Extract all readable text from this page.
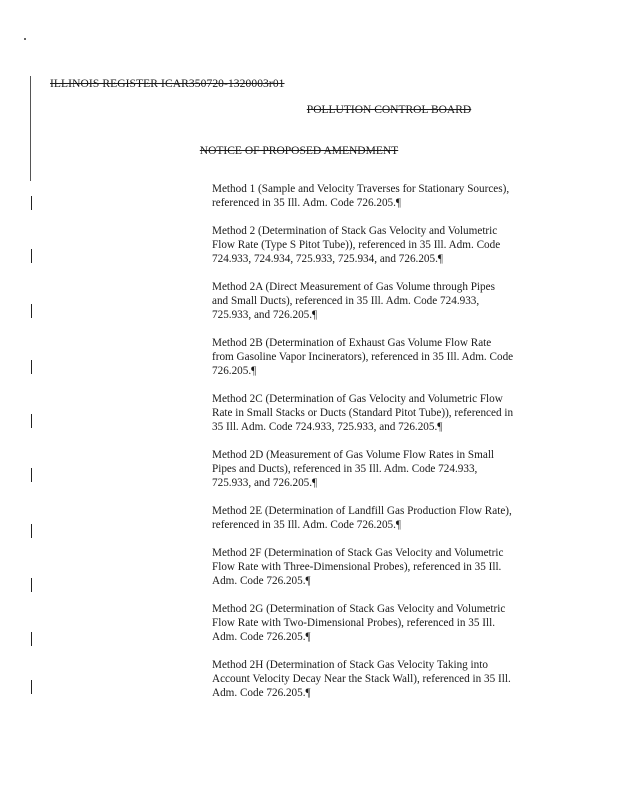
ILLINOIS REGISTER ICAR350720-1320003r01
POLLUTION CONTROL BOARD
NOTICE OF PROPOSED AMENDMENT

Method 1 (Sample and Velocity Traverses for Stationary Sources),
referenced in 35 Ill. Adm. Code 726.205.¶

Method 2 (Determination of Stack Gas Velocity and Volumetric
Flow Rate (Type S Pitot Tube)), referenced in 35 Ill. Adm. Code
724.933, 724.934, 725.933, 725.934, and 726.205.¶

Method 2A (Direct Measurement of Gas Volume through Pipes
and Small Ducts), referenced in 35 Ill. Adm. Code 724.933,
725.933, and 726.205.¶

Method 2B (Determination of Exhaust Gas Volume Flow Rate
from Gasoline Vapor Incinerators), referenced in 35 Ill. Adm. Code
726.205.¶

Method 2C (Determination of Gas Velocity and Volumetric Flow
Rate in Small Stacks or Ducts (Standard Pitot Tube)), referenced in
35 Ill. Adm. Code 724.933, 725.933, and 726.205.¶

Method 2D (Measurement of Gas Volume Flow Rates in Small
Pipes and Ducts), referenced in 35 Ill. Adm. Code 724.933,
725.933, and 726.205.¶

Method 2E (Determination of Landfill Gas Production Flow Rate),
referenced in 35 Ill. Adm. Code 726.205.¶

Method 2F (Determination of Stack Gas Velocity and Volumetric
Flow Rate with Three-Dimensional Probes), referenced in 35 Ill.
Adm. Code 726.205.¶

Method 2G (Determination of Stack Gas Velocity and Volumetric
Flow Rate with Two-Dimensional Probes), referenced in 35 Ill.
Adm. Code 726.205.¶

Method 2H (Determination of Stack Gas Velocity Taking into
Account Velocity Decay Near the Stack Wall), referenced in 35 Ill.
Adm. Code 726.205.¶
